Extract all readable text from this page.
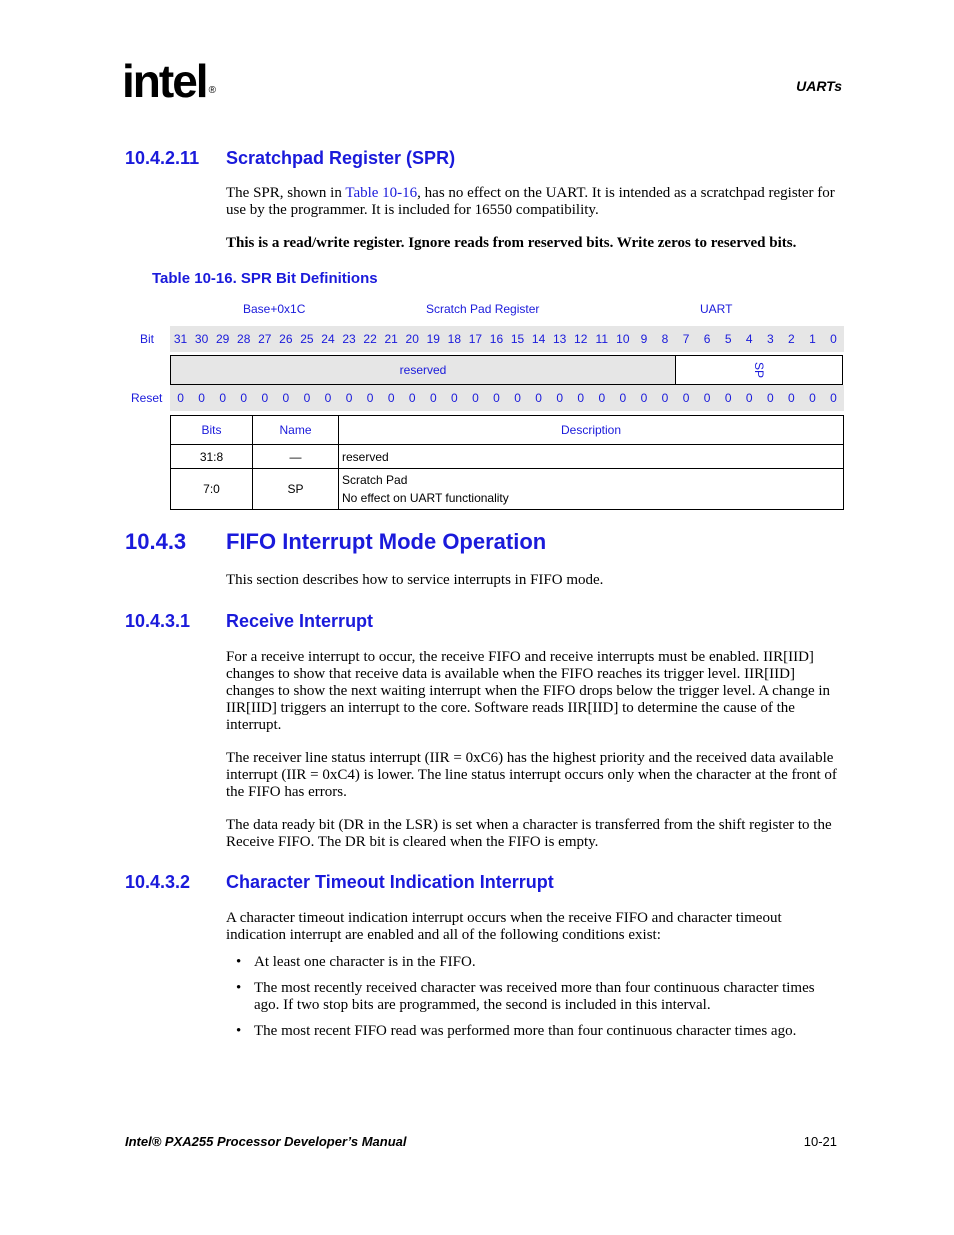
intel ®	UARTs
10.4.2.11 Scratchpad Register (SPR)
The SPR, shown in Table 10-16, has no effect on the UART. It is intended as a scratchpad register for use by the programmer. It is included for 16550 compatibility.
This is a read/write register. Ignore reads from reserved bits. Write zeros to reserved bits.
Table 10-16. SPR Bit Definitions
Base+0x1C	Scratch Pad Register	UART
Bit	31 30 29 28 27 26 25 24 23 22 21 20 19 18 17 16 15 14 13 12 11 10 9	8	7	6	5	4	3	2	1	0
reserved	SP
Reset	0	0	0	0	0	0	0	0	0	0	0	0	0	0	0	0	0	0	0	0	0	0	0	0	0	0	0	0	0	0	0	0
Bits	Name	Description
31:8	—	reserved
7:0	SP	Scratch Pad
No effect on UART functionality
10.4.3 FIFO Interrupt Mode Operation
This section describes how to service interrupts in FIFO mode.
10.4.3.1 Receive Interrupt
For a receive interrupt to occur, the receive FIFO and receive interrupts must be enabled. IIR[IID] changes to show that receive data is available when the FIFO reaches its trigger level. IIR[IID] changes to show the next waiting interrupt when the FIFO drops below the trigger level. A change in IIR[IID] triggers an interrupt to the core. Software reads IIR[IID] to determine the cause of the interrupt.
The receiver line status interrupt (IIR = 0xC6) has the highest priority and the received data available interrupt (IIR = 0xC4) is lower. The line status interrupt occurs only when the character at the front of the FIFO has errors.
The data ready bit (DR in the LSR) is set when a character is transferred from the shift register to the Receive FIFO. The DR bit is cleared when the FIFO is empty.
10.4.3.2 Character Timeout Indication Interrupt
A character timeout indication interrupt occurs when the receive FIFO and character timeout indication interrupt are enabled and all of the following conditions exist:
• At least one character is in the FIFO.
• The most recently received character was received more than four continuous character times ago. If two stop bits are programmed, the second is included in this interval.
• The most recent FIFO read was performed more than four continuous character times ago.
Intel® PXA255 Processor Developer’s Manual	10-21
